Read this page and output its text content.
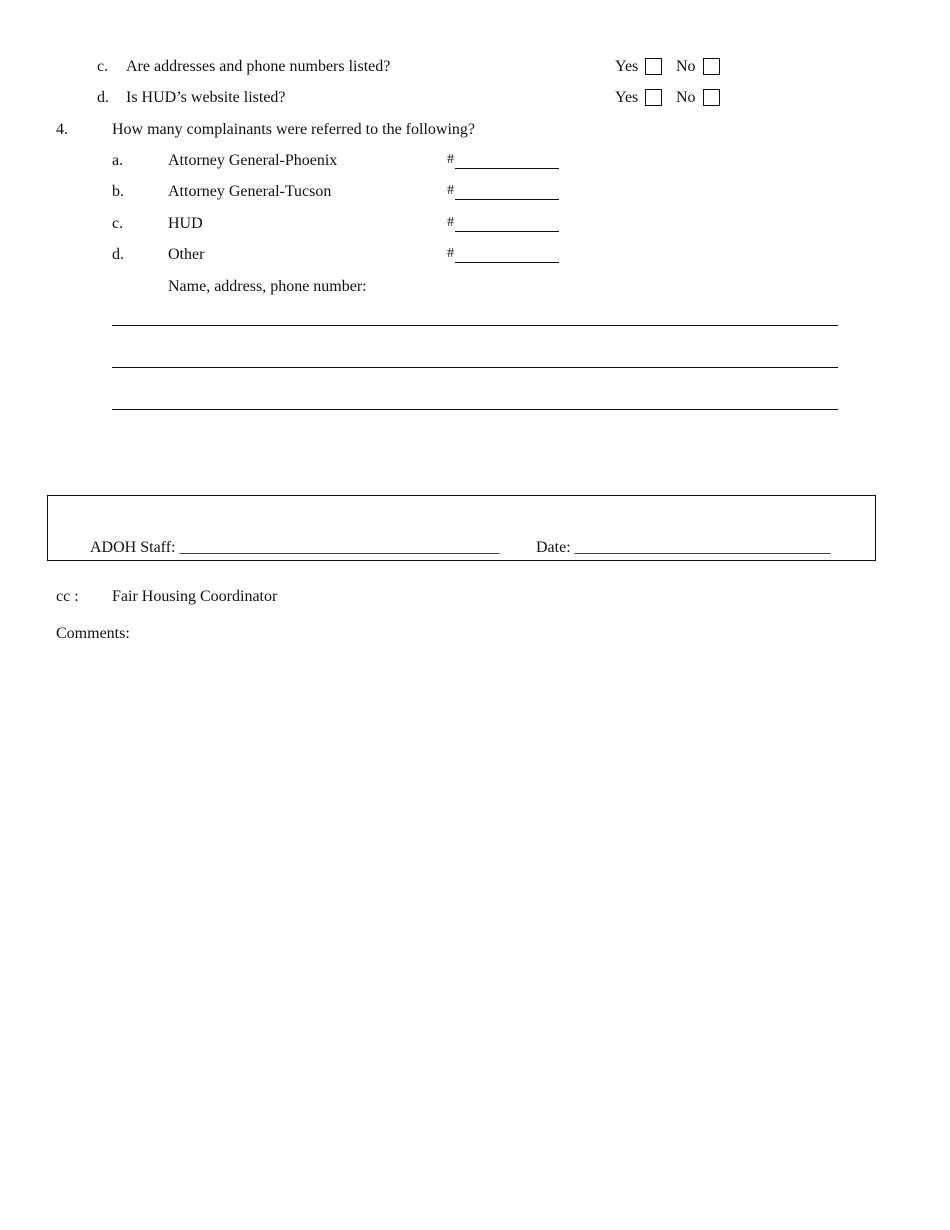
c. Are addresses and phone numbers listed?	Yes No
d. Is HUD’s website listed?	Yes No
4.	How many complainants were referred to the following?
a.	Attorney General-Phoenix	#
b.	Attorney General-Tucson	#
c.	HUD	#
d.	Other	#
Name, address, phone number:
ADOH Staff: ________________________________________ Date: ________________________________
cc : Fair Housing Coordinator
Comments:
